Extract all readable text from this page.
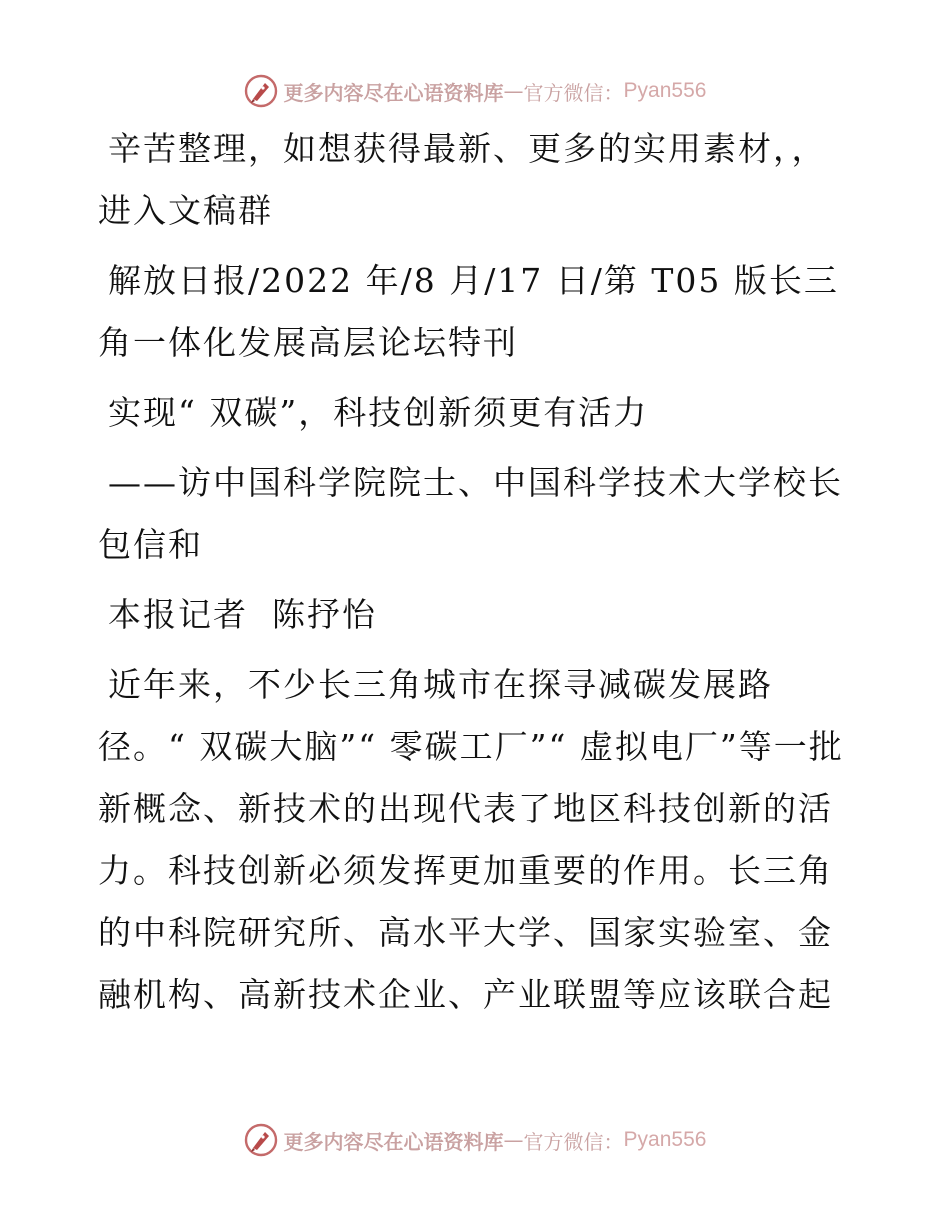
更多内容尽在心语资料库 — 官方微信： Pyan556

辛苦整理，如想获得最新、更多的实用素材，，进入文稿群

解放日报/2022 年/8 月/17 日/第 T05 版长三角一体化发展高层论坛特刊

实现“ 双碳”，科技创新须更有活力

——访中国科学院院士、中国科学技术大学校长包信和

本报记者 陈抒怡

近年来，不少长三角城市在探寻减碳发展路径。“ 双碳大脑”“ 零碳工厂”“ 虚拟电厂”等一批新概念、新技术的出现代表了地区科技创新的活力。科技创新必须发挥更加重要的作用。长三角的中科院研究所、高水平大学、国家实验室、金融机构、高新技术企业、产业联盟等应该联合起

更多内容尽在心语资料库 — 官方微信： Pyan556
